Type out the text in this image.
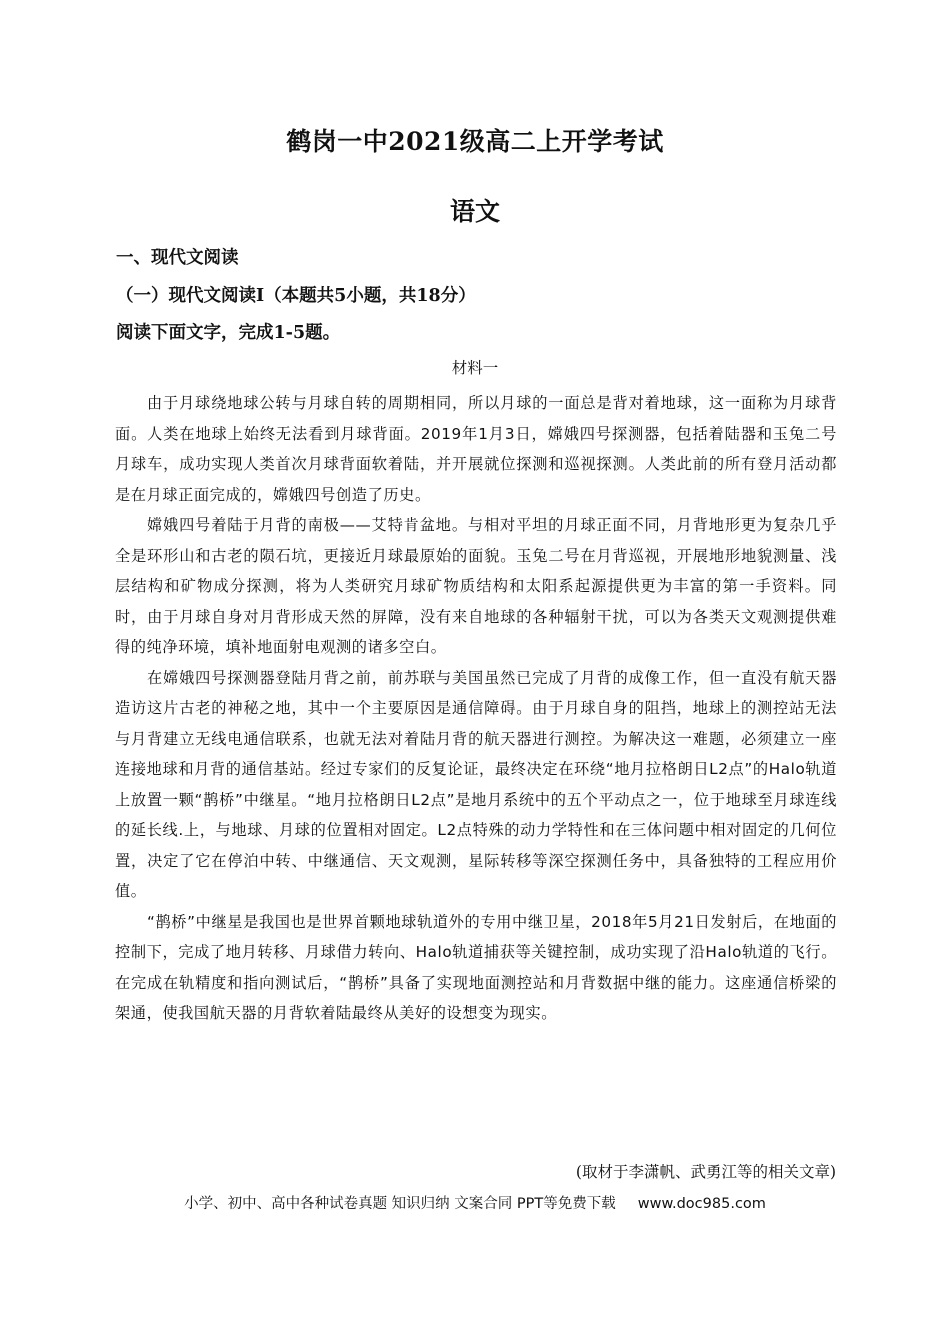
鹤岗一中2021级高二上开学考试
语文
一、现代文阅读
（一）现代文阅读Ⅰ（本题共5小题，共18分）
阅读下面文字，完成1-5题。
材料一

由于月球绕地球公转与月球自转的周期相同，所以月球的一面总是背对着地球，这一面称为月球背面。人类在地球上始终无法看到月球背面。2019年1月3日，嫦娥四号探测器，包括着陆器和玉兔二号月球车，成功实现人类首次月球背面软着陆，并开展就位探测和巡视探测。人类此前的所有登月活动都是在月球正面完成的，嫦娥四号创造了历史。

嫦娥四号着陆于月背的南极——艾特肯盆地。与相对平坦的月球正面不同，月背地形更为复杂几乎全是环形山和古老的陨石坑，更接近月球最原始的面貌。玉兔二号在月背巡视，开展地形地貌测量、浅层结构和矿物成分探测，将为人类研究月球矿物质结构和太阳系起源提供更为丰富的第一手资料。同时，由于月球自身对月背形成天然的屏障，没有来自地球的各种辐射干扰，可以为各类天文观测提供难得的纯净环境，填补地面射电观测的诸多空白。

在嫦娥四号探测器登陆月背之前，前苏联与美国虽然已完成了月背的成像工作，但一直没有航天器造访这片古老的神秘之地，其中一个主要原因是通信障碍。由于月球自身的阻挡，地球上的测控站无法与月背建立无线电通信联系，也就无法对着陆月背的航天器进行测控。为解决这一难题，必须建立一座连接地球和月背的通信基站。经过专家们的反复论证，最终决定在环绕“地月拉格朗日L2点”的Halo轨道上放置一颗“鹊桥”中继星。“地月拉格朗日L2点”是地月系统中的五个平动点之一，位于地球至月球连线的延长线.上，与地球、月球的位置相对固定。L2点特殊的动力学特性和在三体问题中相对固定的几何位置，决定了它在停泊中转、中继通信、天文观测，星际转移等深空探测任务中，具备独特的工程应用价值。

“鹊桥”中继星是我国也是世界首颗地球轨道外的专用中继卫星，2018年5月21日发射后，在地面的控制下，完成了地月转移、月球借力转向、Halo轨道捕获等关键控制，成功实现了沿Halo轨道的飞行。在完成在轨精度和指向测试后，“鹊桥”具备了实现地面测控站和月背数据中继的能力。这座通信桥梁的架通，使我国航天器的月背软着陆最终从美好的设想变为现实。

(取材于李潇帆、武勇江等的相关文章)
小学、初中、高中各种试卷真题 知识归纳 文案合同 PPT等免费下载 www.doc985.com
